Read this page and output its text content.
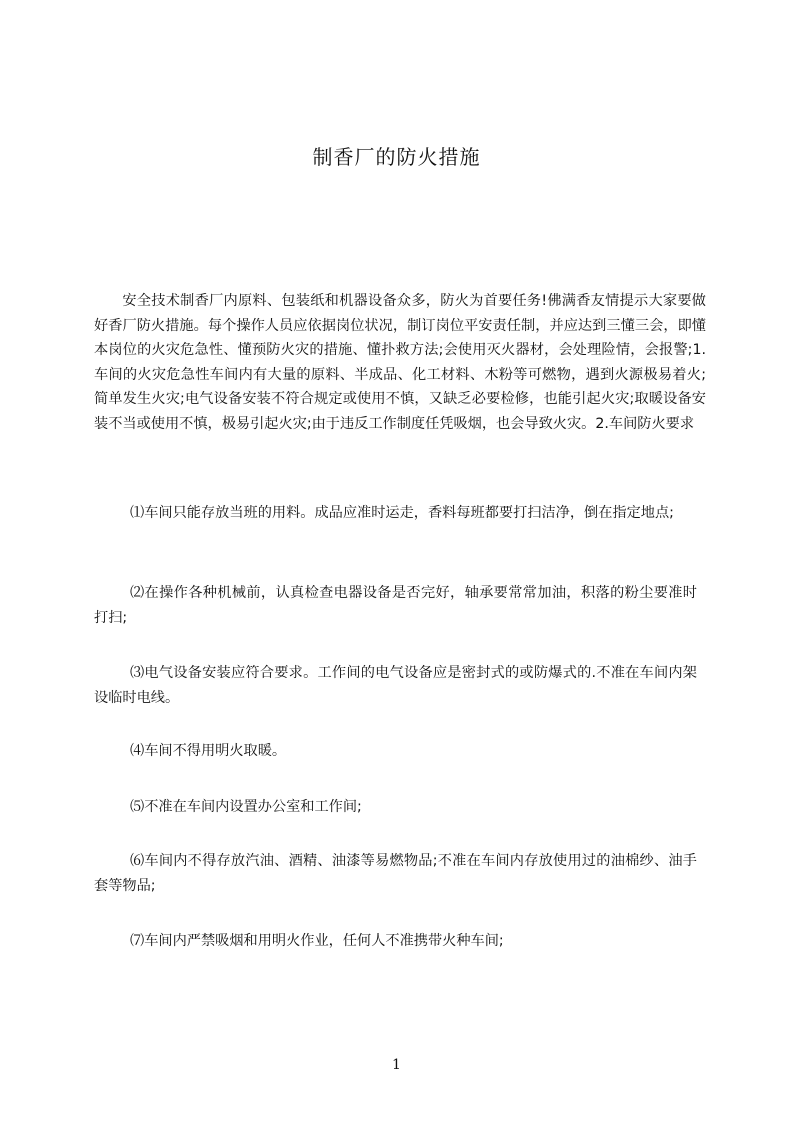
制香厂的防火措施

安全技术制香厂内原料、包装纸和机器设备众多，防火为首要任务!佛满香友情提示大家要做好香厂防火措施。每个操作人员应依据岗位状况，制订岗位平安责任制，并应达到三懂三会，即懂本岗位的火灾危急性、懂预防火灾的措施、懂扑救方法;会使用灭火器材，会处理险情，会报警;1.车间的火灾危急性车间内有大量的原料、半成品、化工材料、木粉等可燃物，遇到火源极易着火;简单发生火灾;电气设备安装不符合规定或使用不慎，又缺乏必要检修，也能引起火灾;取暖设备安装不当或使用不慎，极易引起火灾;由于违反工作制度任凭吸烟，也会导致火灾。2.车间防火要求

⑴车间只能存放当班的用料。成品应准时运走，香料每班都要打扫洁净，倒在指定地点;

⑵在操作各种机械前，认真检查电器设备是否完好，轴承要常常加油，积落的粉尘要准时打扫;

⑶电气设备安装应符合要求。工作间的电气设备应是密封式的或防爆式的.不准在车间内架设临时电线。

⑷车间不得用明火取暖。

⑸不准在车间内设置办公室和工作间;

⑹车间内不得存放汽油、酒精、油漆等易燃物品;不准在车间内存放使用过的油棉纱、油手套等物品;

⑺车间内严禁吸烟和用明火作业，任何人不准携带火种车间;

1
